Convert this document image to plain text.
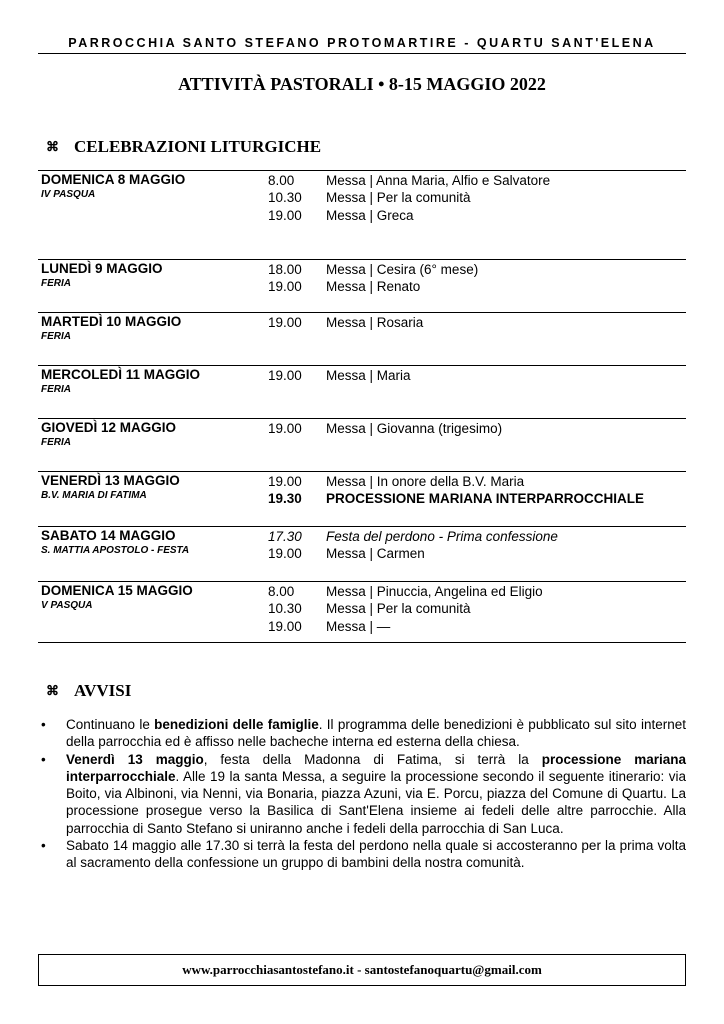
PARROCCHIA SANTO STEFANO PROTOMARTIRE - QUARTU SANT'ELENA
ATTIVITÀ PASTORALI • 8-15 MAGGIO 2022
⌘ CELEBRAZIONI LITURGICHE
DOMENICA 8 MAGGIO
IV PASQUA
8.00	Messa | Anna Maria, Alfio e Salvatore
10.30	Messa | Per la comunità
19.00	Messa | Greca
LUNEDÌ 9 MAGGIO
FERIA
18.00	Messa | Cesira (6° mese)
19.00	Messa | Renato
MARTEDÌ 10 MAGGIO
FERIA
19.00	Messa | Rosaria
MERCOLEDÌ 11 MAGGIO
FERIA
19.00	Messa | Maria
GIOVEDÌ 12 MAGGIO
FERIA
19.00	Messa | Giovanna (trigesimo)
VENERDÌ 13 MAGGIO
B.V. MARIA DI FATIMA
19.00	Messa | In onore della B.V. Maria
19.30	PROCESSIONE MARIANA INTERPARROCCHIALE
SABATO 14 MAGGIO
S. MATTIA APOSTOLO - FESTA
17.30	Festa del perdono - Prima confessione
19.00	Messa | Carmen
DOMENICA 15 MAGGIO
V PASQUA
8.00	Messa | Pinuccia, Angelina ed Eligio
10.30	Messa | Per la comunità
19.00	Messa | —
⌘ AVVISI
• Continuano le benedizioni delle famiglie. Il programma delle benedizioni è pubblicato sul sito internet della parrocchia ed è affisso nelle bacheche interna ed esterna della chiesa.
• Venerdì 13 maggio, festa della Madonna di Fatima, si terrà la processione mariana interparrocchiale. Alle 19 la santa Messa, a seguire la processione secondo il seguente itinerario: via Boito, via Albinoni, via Nenni, via Bonaria, piazza Azuni, via E. Porcu, piazza del Comune di Quartu. La processione prosegue verso la Basilica di Sant'Elena insieme ai fedeli delle altre parrocchie. Alla parrocchia di Santo Stefano si uniranno anche i fedeli della parrocchia di San Luca.
• Sabato 14 maggio alle 17.30 si terrà la festa del perdono nella quale si accosteranno per la prima volta al sacramento della confessione un gruppo di bambini della nostra comunità.
www.parrocchiasantostefano.it - santostefanoquartu@gmail.com
